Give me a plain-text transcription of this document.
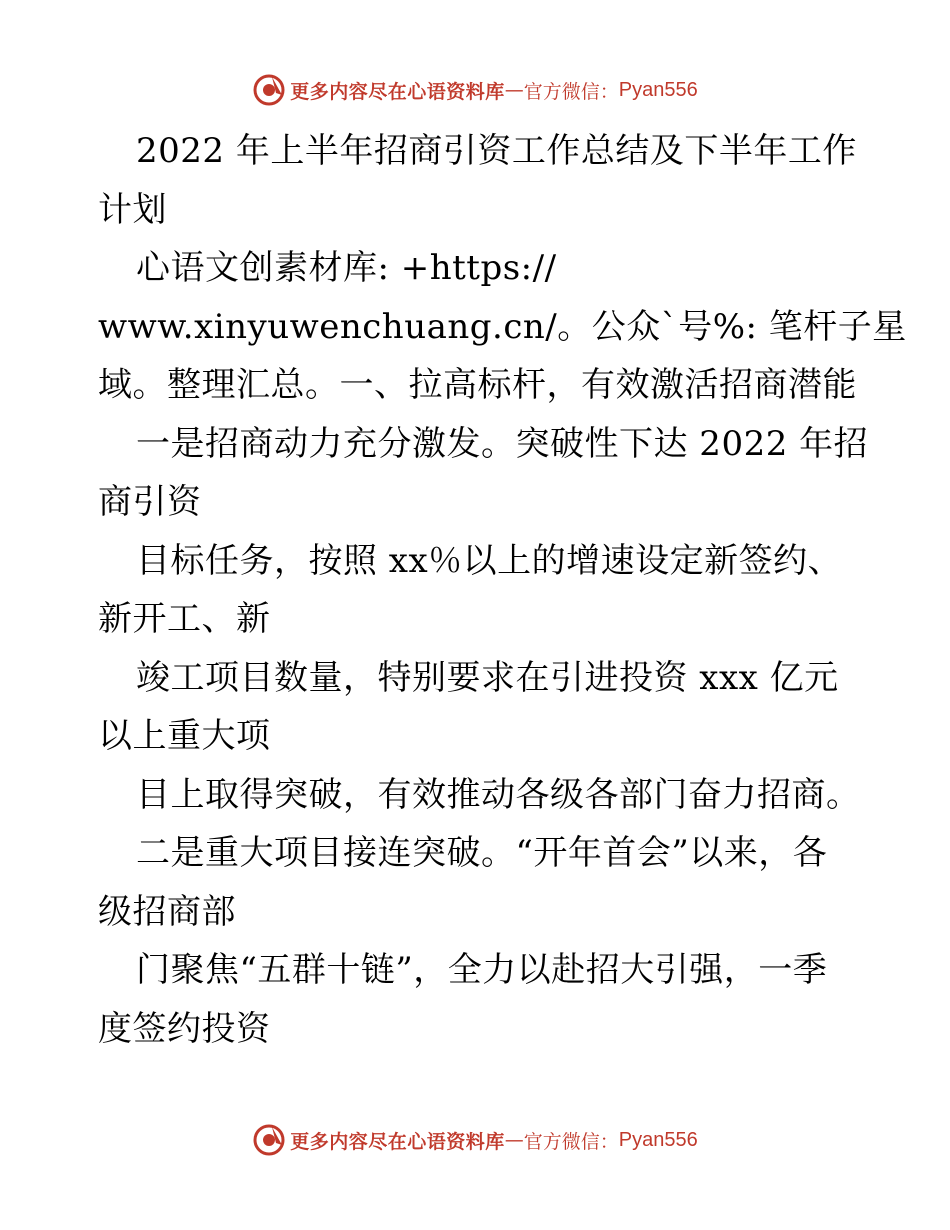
更多内容尽在心语资料库 — 官方微信： Pyan556
2022 年上半年招商引资工作总结及下半年工作
计划
心语文创素材库: +https://
www.xinyuwenchuang.cn/。公众`号%: 笔杆子星
域。整理汇总。一、拉高标杆，有效激活招商潜能
一是招商动力充分激发。突破性下达 2022 年招
商引资
目标任务，按照 xx％以上的增速设定新签约、
新开工、新
竣工项目数量，特别要求在引进投资 xxx 亿元
以上重大项
目上取得突破，有效推动各级各部门奋力招商。
二是重大项目接连突破。“开年首会”以来，各
级招商部
门聚焦“五群十链”，全力以赴招大引强，一季
度签约投资
更多内容尽在心语资料库 — 官方微信： Pyan556
